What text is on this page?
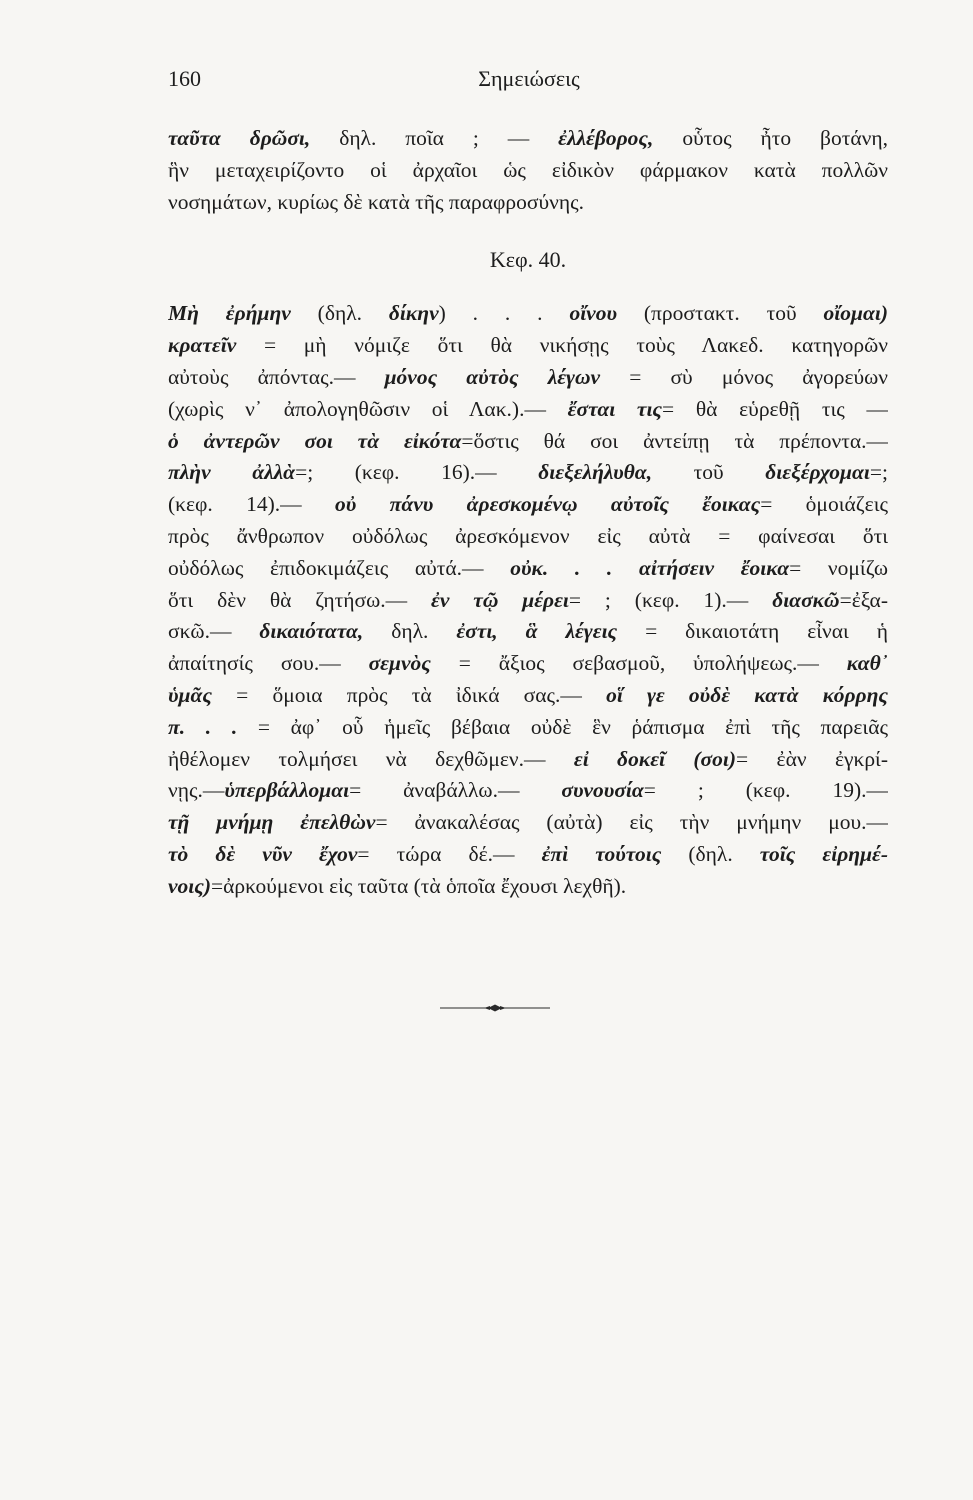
160	Σημειώσεις
ταῦτα δρῶσι, δηλ. ποῖα ; — ἐλλέβορος, οὗτος ἦτο βοτάνη,
ἣν μεταχειρίζοντο οἱ ἀρχαῖοι ὡς εἰδικὸν φάρμακον κατὰ πολλῶν
νοσημάτων, κυρίως δὲ κατὰ τῆς παραφροσύνης.
Κεφ. 40.
Μὴ ἐρήμην (δηλ. δίκην) . . . οἴνου (προστακτ. τοῦ οἴομαι)
κρατεῖν = μὴ νόμιζε ὅτι θὰ νικήσῃς τοὺς Λακεδ. κατηγορῶν
αὐτοὺς ἀπόντας.— μόνος αὐτὸς λέγων = σὺ μόνος ἀγορεύων
(χωρὶς ν᾽ ἀπολογηθῶσιν οἱ Λακ.).— ἔσται τις= θὰ εὑρεθῇ τις —
ὁ ἀντερῶν σοι τὰ εἰκότα=ὅστις θά σοι ἀντείπῃ τὰ πρέποντα.—
πλὴν ἀλλὰ=; (κεφ. 16).— διεξελήλυθα, τοῦ διεξέρχομαι=;
(κεφ. 14).— οὐ πάνυ ἀρεσκομένῳ αὐτοῖς ἔοικας= ὁμοιάζεις
πρὸς ἄνθρωπον οὐδόλως ἀρεσκόμενον εἰς αὐτὰ = φαίνεσαι ὅτι
οὐδόλως ἐπιδοκιμάζεις αὐτά.— οὐκ. . . αἰτήσειν ἔοικα= νομίζω
ὅτι δὲν θὰ ζητήσω.— ἐν τῷ μέρει= ; (κεφ. 1).— διασκῶ=ἐξα-
σκῶ.— δικαιότατα, δηλ. ἐστι, ἃ λέγεις = δικαιοτάτη εἶναι ἡ
ἀπαίτησίς σου.— σεμνὸς = ἄξιος σεβασμοῦ, ὑπολήψεως.— καθ᾽
ὑμᾶς = ὅμοια πρὸς τὰ ἰδικά σας.— οἵ γε οὐδὲ κατὰ κόρρης
π. . . = ἀφ᾽ οὗ ἡμεῖς βέβαια οὐδὲ ἓν ῥάπισμα ἐπὶ τῆς παρειᾶς
ἠθέλομεν τολμήσει νὰ δεχθῶμεν.— εἰ δοκεῖ (σοι)= ἐὰν ἐγκρί-
νῃς.—ὑπερβάλλομαι= ἀναβάλλω.— συνουσία= ; (κεφ. 19).—
τῇ μνήμῃ ἐπελθὼν= ἀνακαλέσας (αὐτὰ) εἰς τὴν μνήμην μου.—
τὸ δὲ νῦν ἔχον= τώρα δέ.— ἐπὶ τούτοις (δηλ. τοῖς εἰρημέ-
νοις)=ἀρκούμενοι εἰς ταῦτα (τὰ ὁποῖα ἔχουσι λεχθῆ).
